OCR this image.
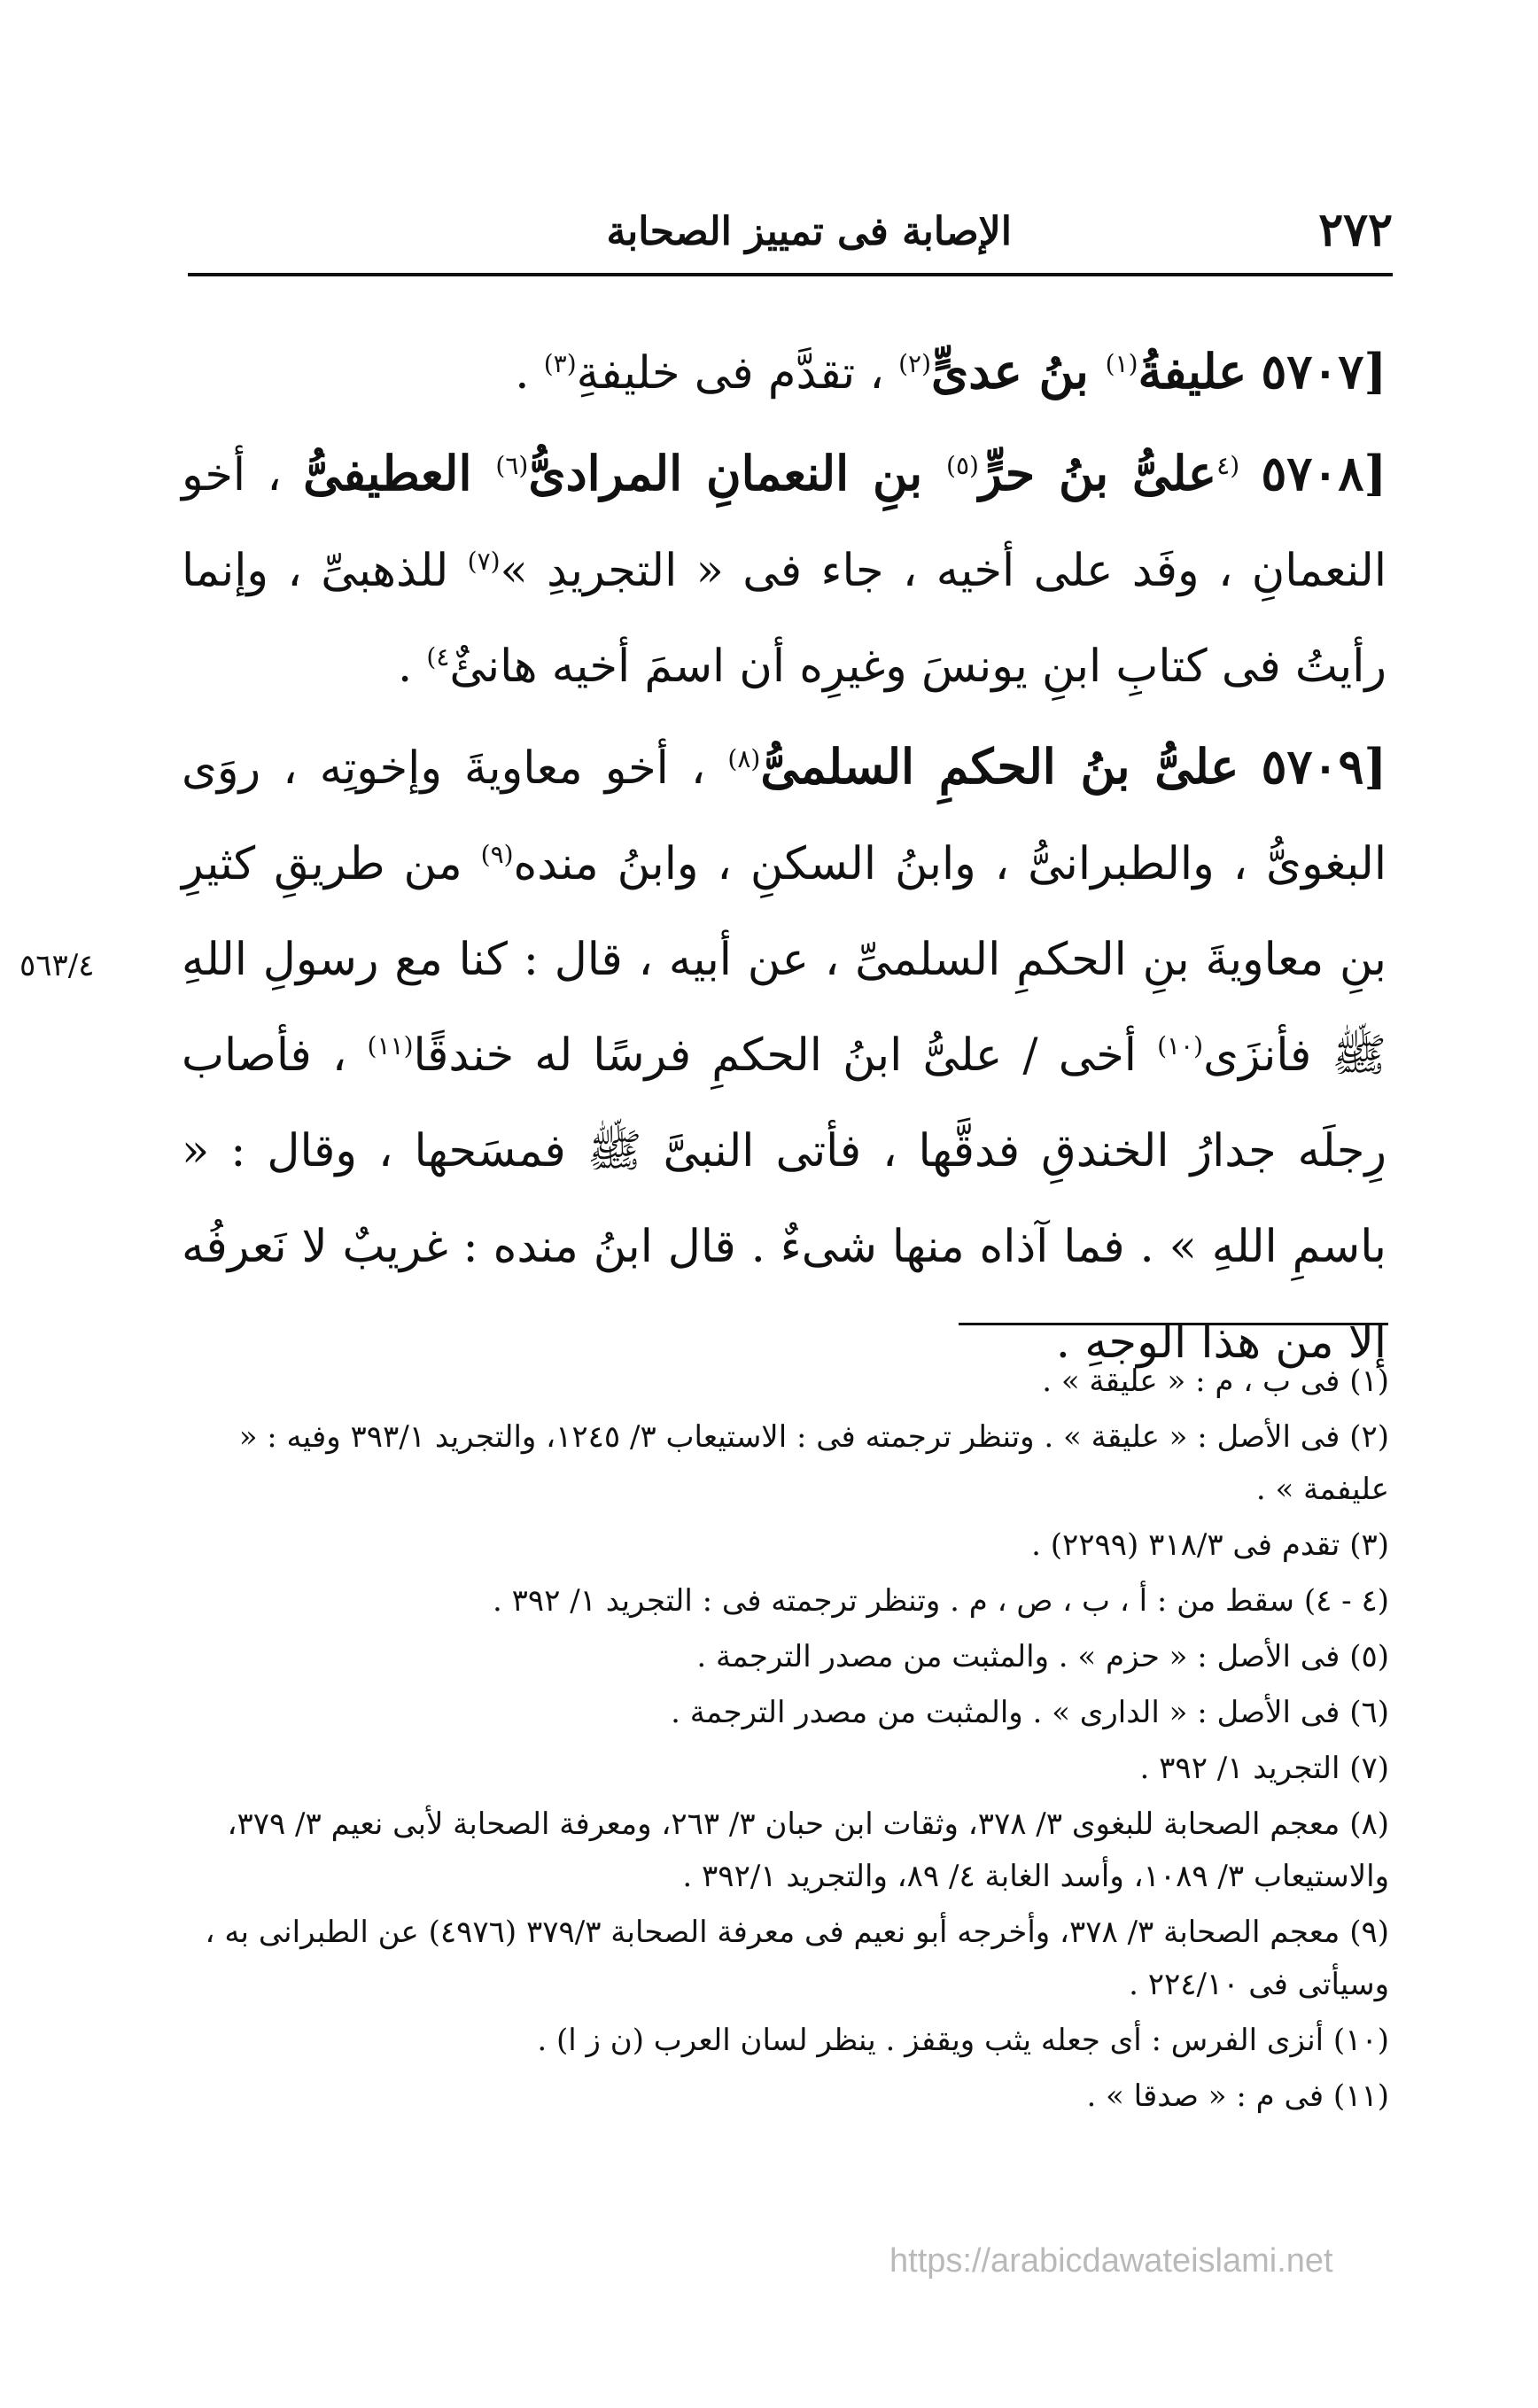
٢٧٢
الإصابة فى تمييز الصحابة

[٥٧٠٧ عليفةُ$^{(١)}$ بنُ عدىٍّ$^{(٢)}$ ، تقدَّم فى خليفةِ$^{(٣)}$ .

[٥٧٠٨ $^{(٤}$علىُّ بنُ حرٍّ$^{(٥)}$ بنِ النعمانِ المرادىُّ$^{(٦)}$ العطيفىُّ ، أخو النعمانِ ، وفَد على أخيه ، جاء فى « التجريدِ »$^{(٧)}$ للذهبىِّ ، وإنما رأيتُ فى كتابِ ابنِ يونسَ وغيرِه أن اسمَ أخيه هانئٌ$^{٤)}$ .

[٥٧٠٩ علىُّ بنُ الحكمِ السلمىُّ$^{(٨)}$ ، أخو معاويةَ وإخوتِه ، روَى البغوىُّ ، والطبرانىُّ ، وابنُ السكنِ ، وابنُ منده$^{(٩)}$ من طريقِ كثيرِ بنِ معاويةَ بنِ الحكمِ السلمىِّ ، عن أبيه ، قال : كنا مع رسولِ اللهِ ﷺ فأنزَى$^{(١٠)}$ أخى / علىُّ ابنُ الحكمِ فرسًا له خندقًا$^{(١١)}$ ، فأصاب رِجلَه جدارُ الخندقِ فدقَّها ، فأتى النبىَّ ﷺ فمسَحها ، وقال : « باسمِ اللهِ » . فما آذاه منها شىءٌ . قال ابنُ منده : غريبٌ لا نَعرفُه إلا من هذا الوجهِ .

٥٦٣/٤

(١) فى ب ، م : « عليقة » .

(٢) فى الأصل : « عليقة » . وتنظر ترجمته فى : الاستيعاب ٣/ ١٢٤٥، والتجريد ٣٩٣/١ وفيه : « عليفمة » .

(٣) تقدم فى ٣١٨/٣ (٢٢٩٩) .

(٤ - ٤) سقط من : أ ، ب ، ص ، م . وتنظر ترجمته فى : التجريد ١/ ٣٩٢ .

(٥) فى الأصل : « حزم » . والمثبت من مصدر الترجمة .

(٦) فى الأصل : « الدارى » . والمثبت من مصدر الترجمة .

(٧) التجريد ١/ ٣٩٢ .

(٨) معجم الصحابة للبغوى ٣/ ٣٧٨، وثقات ابن حبان ٣/ ٢٦٣، ومعرفة الصحابة لأبى نعيم ٣/ ٣٧٩، والاستيعاب ٣/ ١٠٨٩، وأسد الغابة ٤/ ٨٩، والتجريد ٣٩٢/١ .

(٩) معجم الصحابة ٣/ ٣٧٨، وأخرجه أبو نعيم فى معرفة الصحابة ٣٧٩/٣ (٤٩٧٦) عن الطبرانى به ، وسيأتى فى ٢٢٤/١٠ .

(١٠) أنزى الفرس : أى جعله يثب ويقفز . ينظر لسان العرب (ن ز ا) .

(١١) فى م : « صدقا » .

https://arabicdawateislami.net
